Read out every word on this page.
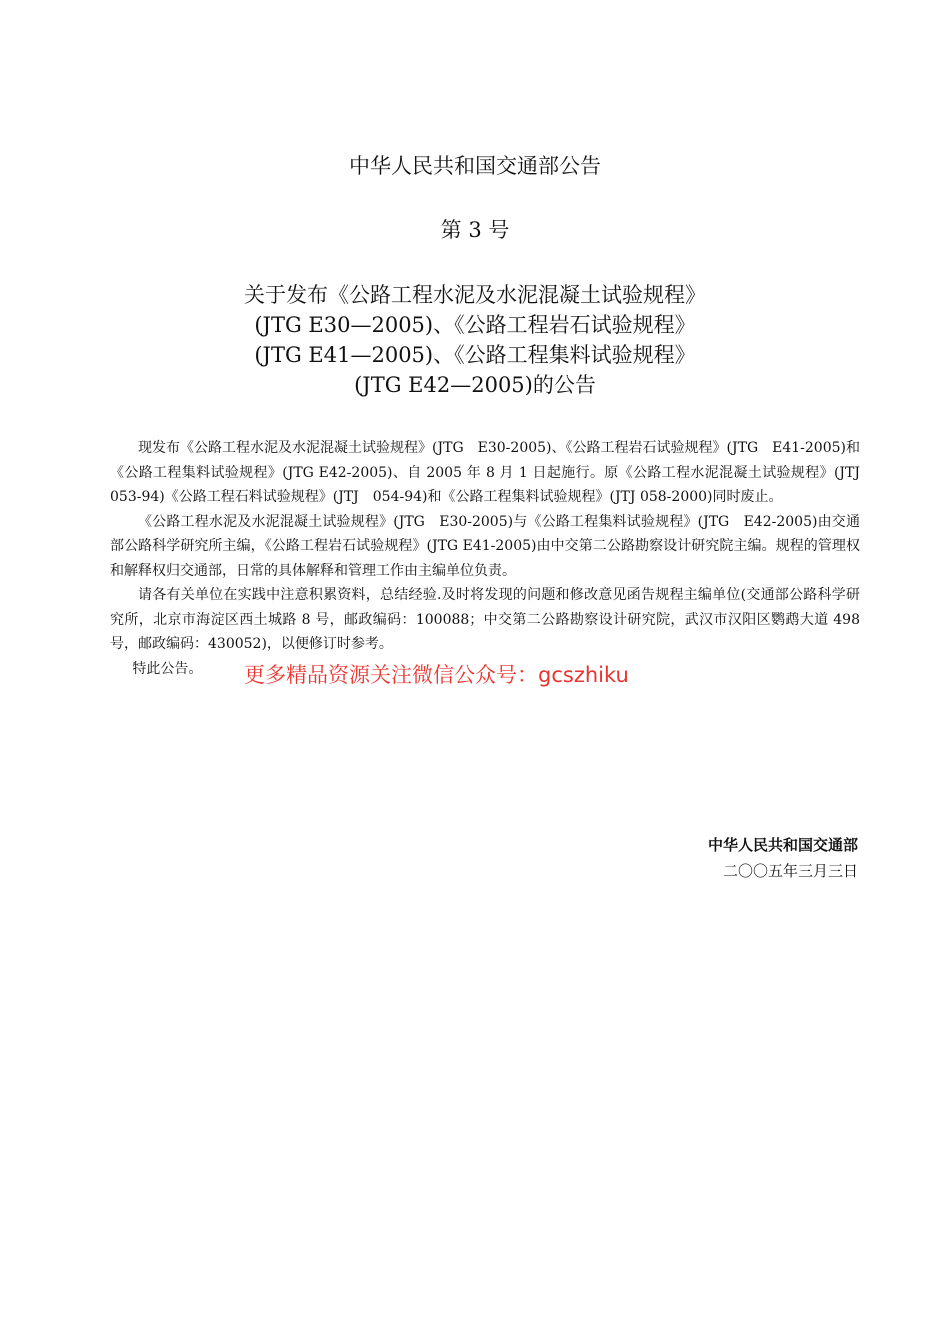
中华人民共和国交通部公告
第 3 号
关于发布《公路工程水泥及水泥混凝土试验规程》
(JTG E30—2005)、《公路工程岩石试验规程》
(JTG E41—2005)、《公路工程集料试验规程》
(JTG E42—2005)的公告

现发布《公路工程水泥及水泥混凝土试验规程》(JTG　E30-2005)、《公路工程岩石试验规程》(JTG　E41-2005)和《公路工程集料试验规程》(JTG E42-2005)、自 2005 年 8 月 1 日起施行。原《公路工程水泥混凝土试验规程》(JTJ　053-94)《公路工程石料试验规程》(JTJ　054-94)和《公路工程集料试验规程》(JTJ 058-2000)同时废止。

《公路工程水泥及水泥混凝土试验规程》(JTG　E30-2005)与《公路工程集料试验规程》(JTG　E42-2005)由交通部公路科学研究所主编，《公路工程岩石试验规程》(JTG E41-2005)由中交第二公路勘察设计研究院主编。规程的管理权和解释权归交通部，日常的具体解释和管理工作由主编单位负责。

请各有关单位在实践中注意积累资料，总结经验.及时将发现的问题和修改意见函告规程主编单位(交通部公路科学研究所，北京市海淀区西土城路 8 号，邮政编码：100088；中交第二公路勘察设计研究院，武汉市汉阳区鹦鹉大道 498 号，邮政编码：430052)，以便修订时参考。

特此公告。	更多精品资源关注微信公众号：gcszhiku
中华人民共和国交通部
二〇〇五年三月三日
